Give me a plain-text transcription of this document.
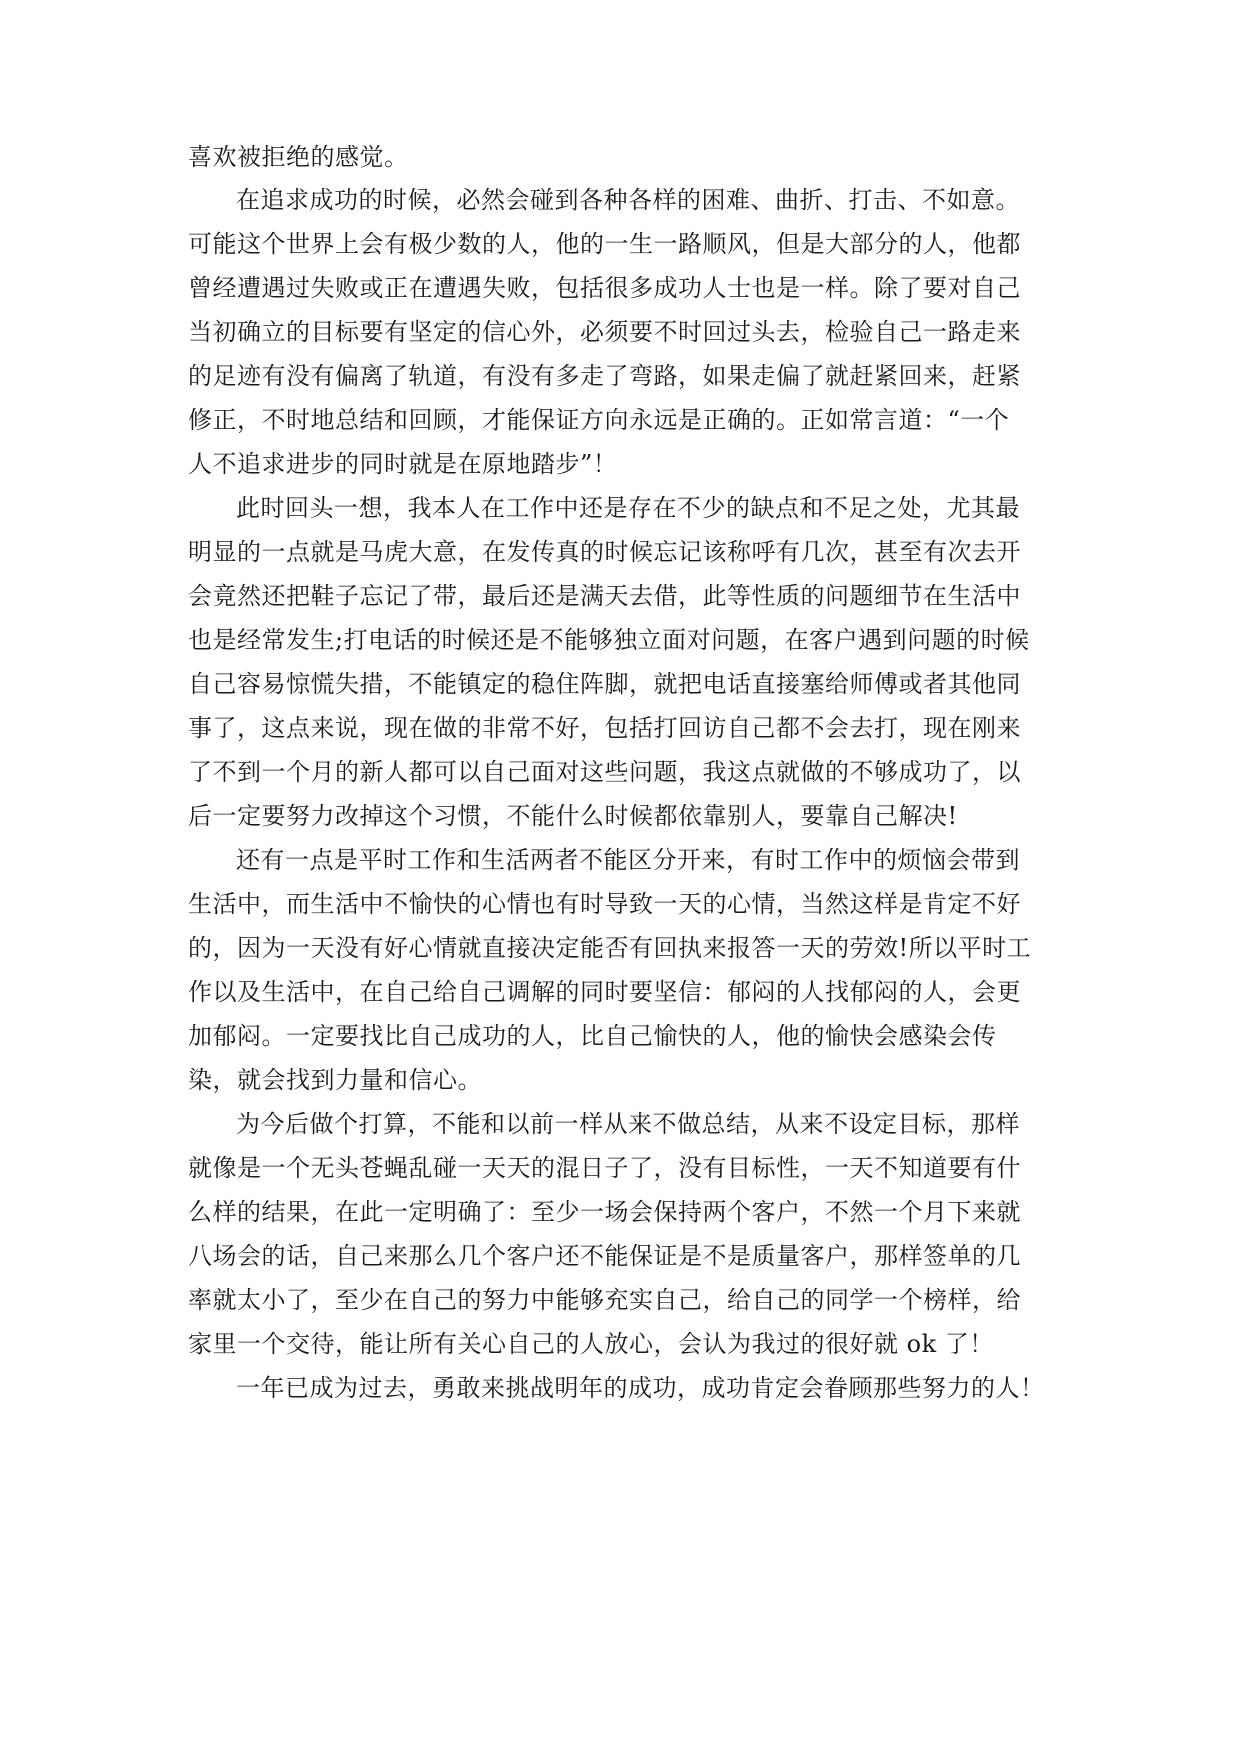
喜欢被拒绝的感觉。
在追求成功的时候，必然会碰到各种各样的困难、曲折、打击、不如意。
可能这个世界上会有极少数的人，他的一生一路顺风，但是大部分的人，他都
曾经遭遇过失败或正在遭遇失败，包括很多成功人士也是一样。除了要对自己
当初确立的目标要有坚定的信心外，必须要不时回过头去，检验自己一路走来
的足迹有没有偏离了轨道，有没有多走了弯路，如果走偏了就赶紧回来，赶紧
修正，不时地总结和回顾，才能保证方向永远是正确的。正如常言道：“一个
人不追求进步的同时就是在原地踏步”！
此时回头一想，我本人在工作中还是存在不少的缺点和不足之处，尤其最
明显的一点就是马虎大意，在发传真的时候忘记该称呼有几次，甚至有次去开
会竟然还把鞋子忘记了带，最后还是满天去借，此等性质的问题细节在生活中
也是经常发生;打电话的时候还是不能够独立面对问题，在客户遇到问题的时候
自己容易惊慌失措，不能镇定的稳住阵脚，就把电话直接塞给师傅或者其他同
事了，这点来说，现在做的非常不好，包括打回访自己都不会去打，现在刚来
了不到一个月的新人都可以自己面对这些问题，我这点就做的不够成功了，以
后一定要努力改掉这个习惯，不能什么时候都依靠别人，要靠自己解决!
还有一点是平时工作和生活两者不能区分开来，有时工作中的烦恼会带到
生活中，而生活中不愉快的心情也有时导致一天的心情，当然这样是肯定不好
的，因为一天没有好心情就直接决定能否有回执来报答一天的劳效!所以平时工
作以及生活中，在自己给自己调解的同时要坚信：郁闷的人找郁闷的人，会更
加郁闷。一定要找比自己成功的人，比自己愉快的人，他的愉快会感染会传
染，就会找到力量和信心。
为今后做个打算，不能和以前一样从来不做总结，从来不设定目标，那样
就像是一个无头苍蝇乱碰一天天的混日子了，没有目标性，一天不知道要有什
么样的结果，在此一定明确了：至少一场会保持两个客户，不然一个月下来就
八场会的话，自己来那么几个客户还不能保证是不是质量客户，那样签单的几
率就太小了，至少在自己的努力中能够充实自己，给自己的同学一个榜样，给
家里一个交待，能让所有关心自己的人放心，会认为我过的很好就 ok 了！
一年已成为过去，勇敢来挑战明年的成功，成功肯定会眷顾那些努力的人！
